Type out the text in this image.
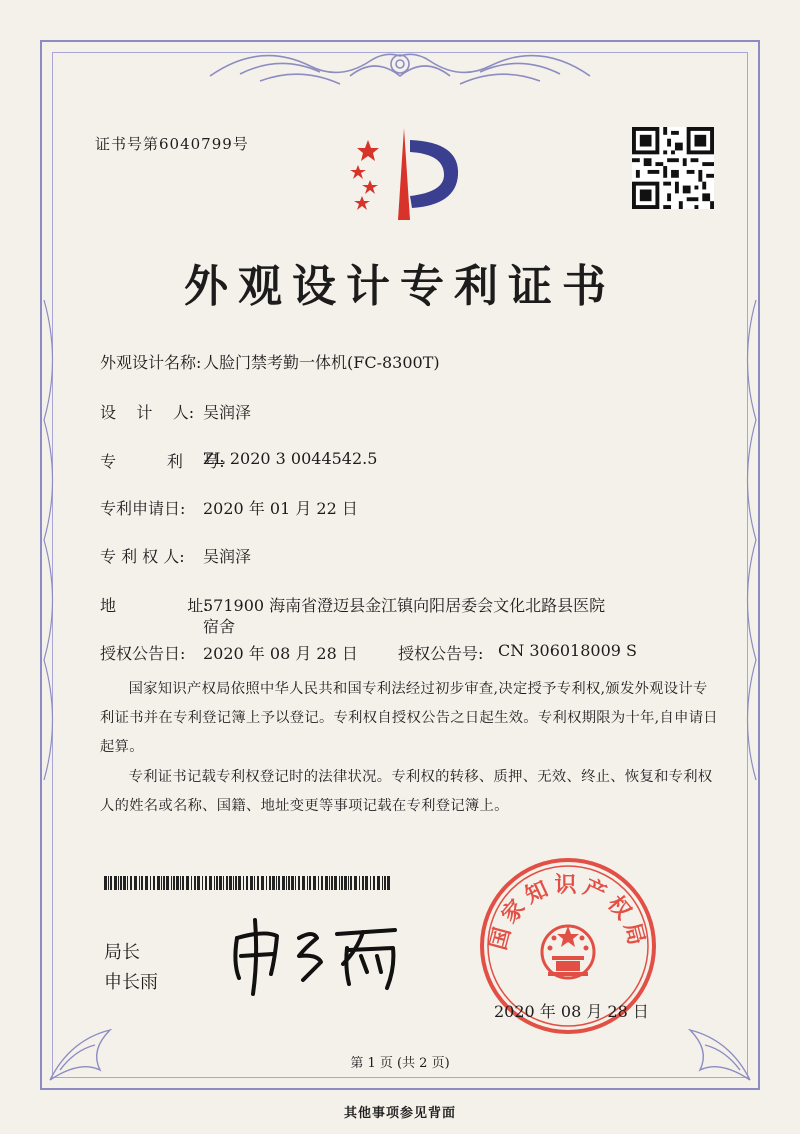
证书号第6040799号
外观设计专利证书
外观设计名称: 人脸门禁考勤一体机(FC-8300T)
设    计    人: 吴润泽
专          利    号:
ZL 2020 3 0044542.5
专利申请日: 2020 年 01 月 22 日
专 利 权 人: 吴润泽
地              址:
571900 海南省澄迈县金江镇向阳居委会文化北路县医院
宿舍
授权公告日: 2020 年 08 月 28 日	授权公告号: CN 306018009 S
国家知识产权局依照中华人民共和国专利法经过初步审查,决定授予专利权,颁发外观设计专利证书并在专利登记簿上予以登记。专利权自授权公告之日起生效。专利权期限为十年,自申请日起算。
专利证书记载专利权登记时的法律状况。专利权的转移、质押、无效、终止、恢复和专利权人的姓名或名称、国籍、地址变更等事项记载在专利登记簿上。
局长
申长雨
国家知识产权局
2020 年 08 月 28 日
第 1 页 (共 2 页)
其他事项参见背面
